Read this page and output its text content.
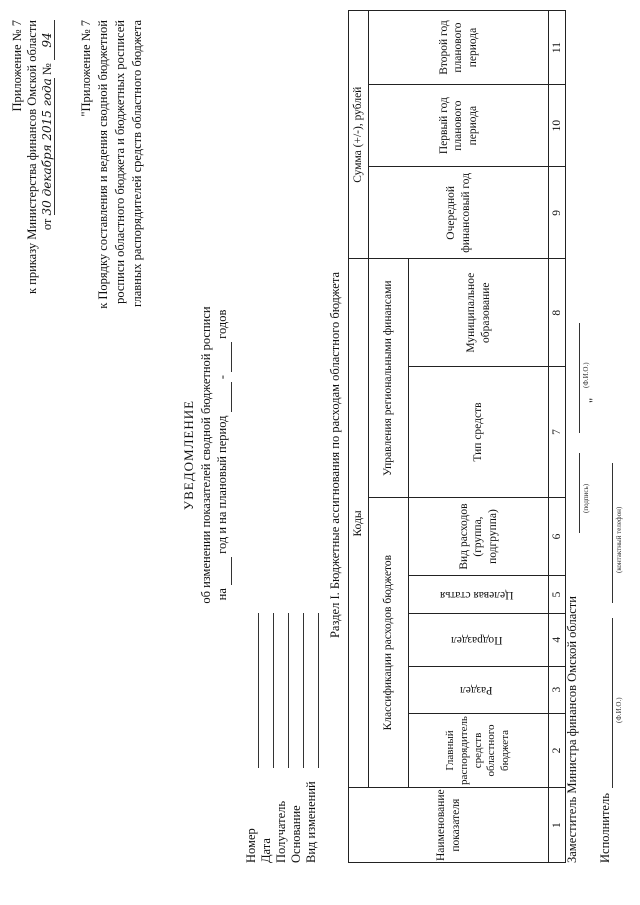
Приложение № 7 к приказу Министерства финансов Омской области от 30 декабря 2015 года № 94 "Приложение № 7 к Порядку составления и ведения сводной бюджетной росписи областного бюджета и бюджетных росписей главных распорядителей средств областного бюджета
УВЕДОМЛЕНИЕ об изменении показателей сводной бюджетной росписи на   год и на плановый период   -   годов
Номер Дата Получатель Основание Вид изменений
Раздел I. Бюджетные ассигнования по расходам областного бюджета
Наименование показателя	Коды							Сумма (+/-), рублей		
	Классификации расходов бюджетов					Управления региональными финансами		Очередной финансовый год	Первый год планового периода	Второй год планового периода
	Главный распорядитель средств областного бюджета	Раздел	Подраздел	Целевая статья	Вид расходов (группа, подгруппа)	Тип средств	Муниципальное образование			
1	2	3	4	5	6	7	8	9	10	11
Заместитель Министра финансов Омской области
(подпись)
(Ф.И.О.)
"
Исполнитель
(Ф.И.О.)
(контактный телефон)
